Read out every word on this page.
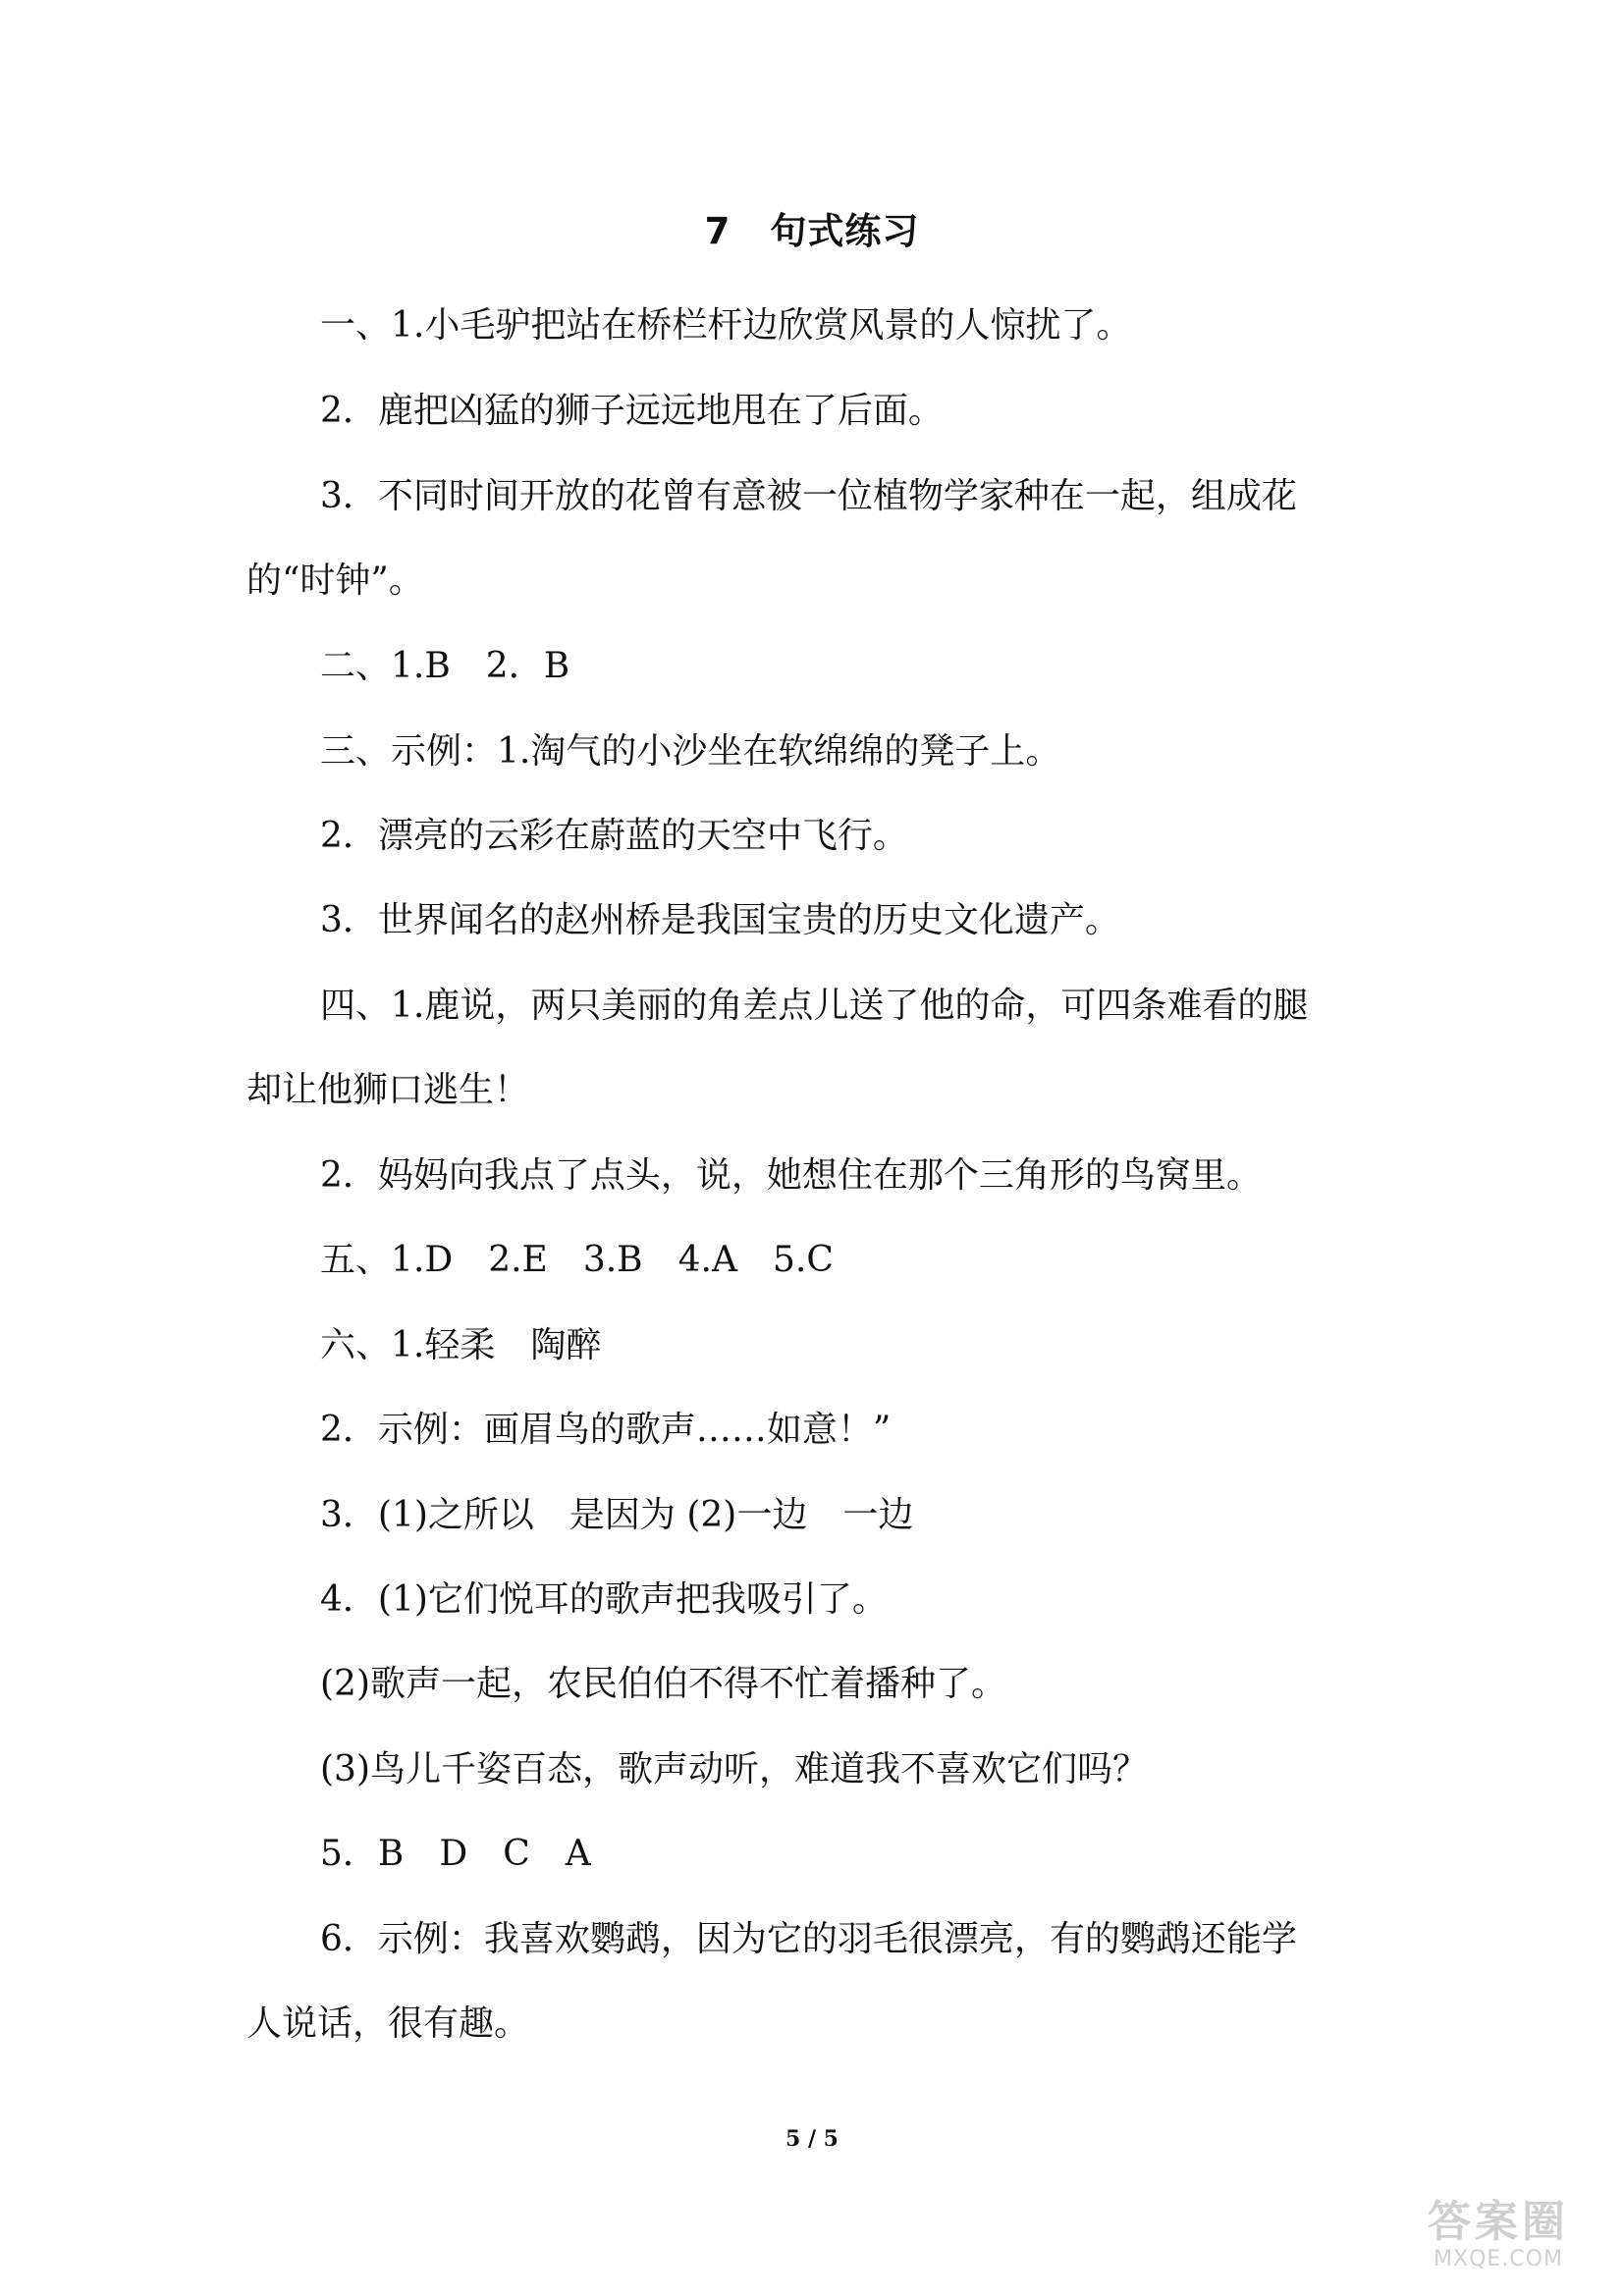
7 句式练习
一、1.小毛驴把站在桥栏杆边欣赏风景的人惊扰了。
2．鹿把凶猛的狮子远远地甩在了后面。
3．不同时间开放的花曾有意被一位植物学家种在一起，组成花
的“时钟”。
二、1.B　2．B
三、示例：1.淘气的小沙坐在软绵绵的凳子上。
2．漂亮的云彩在蔚蓝的天空中飞行。
3．世界闻名的赵州桥是我国宝贵的历史文化遗产。
四、1.鹿说，两只美丽的角差点儿送了他的命，可四条难看的腿
却让他狮口逃生！
2．妈妈向我点了点头，说，她想住在那个三角形的鸟窝里。
五、1.D　2.E　3.B　4.A　5.C
六、1.轻柔　陶醉
2．示例：画眉鸟的歌声……如意！”
3．(1)之所以　是因为 (2)一边　一边
4．(1)它们悦耳的歌声把我吸引了。
(2)歌声一起，农民伯伯不得不忙着播种了。
(3)鸟儿千姿百态，歌声动听，难道我不喜欢它们吗？
5．B　D　C　A
6．示例：我喜欢鹦鹉，因为它的羽毛很漂亮，有的鹦鹉还能学
人说话，很有趣。
5 / 5
答案圈
MXQE.COM
